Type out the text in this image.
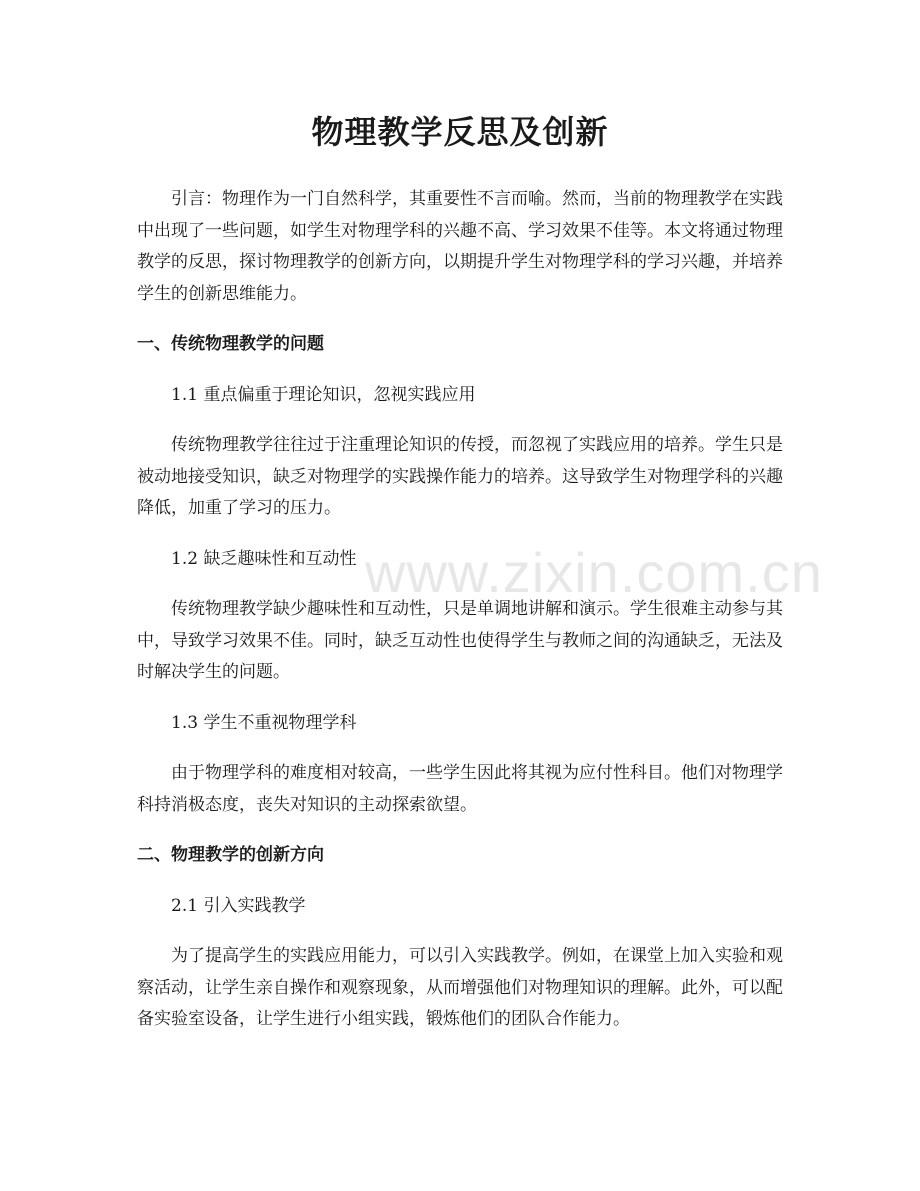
物理教学反思及创新

引言：物理作为一门自然科学，其重要性不言而喻。然而，当前的物理教学在实践中出现了一些问题，如学生对物理学科的兴趣不高、学习效果不佳等。本文将通过物理教学的反思，探讨物理教学的创新方向，以期提升学生对物理学科的学习兴趣，并培养学生的创新思维能力。

一、传统物理教学的问题
1.1 重点偏重于理论知识，忽视实践应用

传统物理教学往往过于注重理论知识的传授，而忽视了实践应用的培养。学生只是被动地接受知识，缺乏对物理学的实践操作能力的培养。这导致学生对物理学科的兴趣降低，加重了学习的压力。

1.2 缺乏趣味性和互动性

传统物理教学缺少趣味性和互动性，只是单调地讲解和演示。学生很难主动参与其中，导致学习效果不佳。同时，缺乏互动性也使得学生与教师之间的沟通缺乏，无法及时解决学生的问题。

1.3 学生不重视物理学科

由于物理学科的难度相对较高，一些学生因此将其视为应付性科目。他们对物理学科持消极态度，丧失对知识的主动探索欲望。

二、物理教学的创新方向
2.1 引入实践教学

为了提高学生的实践应用能力，可以引入实践教学。例如，在课堂上加入实验和观察活动，让学生亲自操作和观察现象，从而增强他们对物理知识的理解。此外，可以配备实验室设备，让学生进行小组实践，锻炼他们的团队合作能力。

www.zixin.com.cn
